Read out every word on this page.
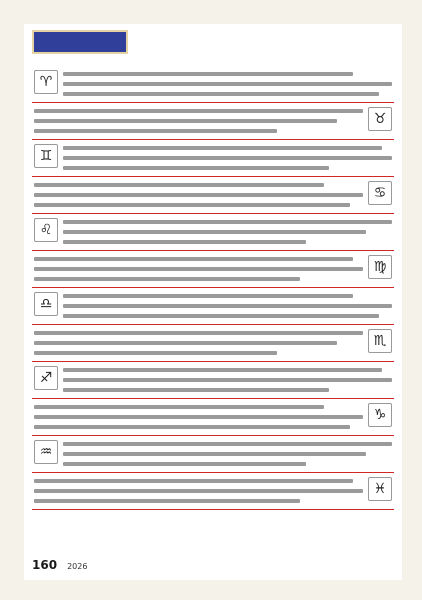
♈
♉
♊
♋
♌
♍
♎
♏
♐
♑
♒
♓
160 2026
